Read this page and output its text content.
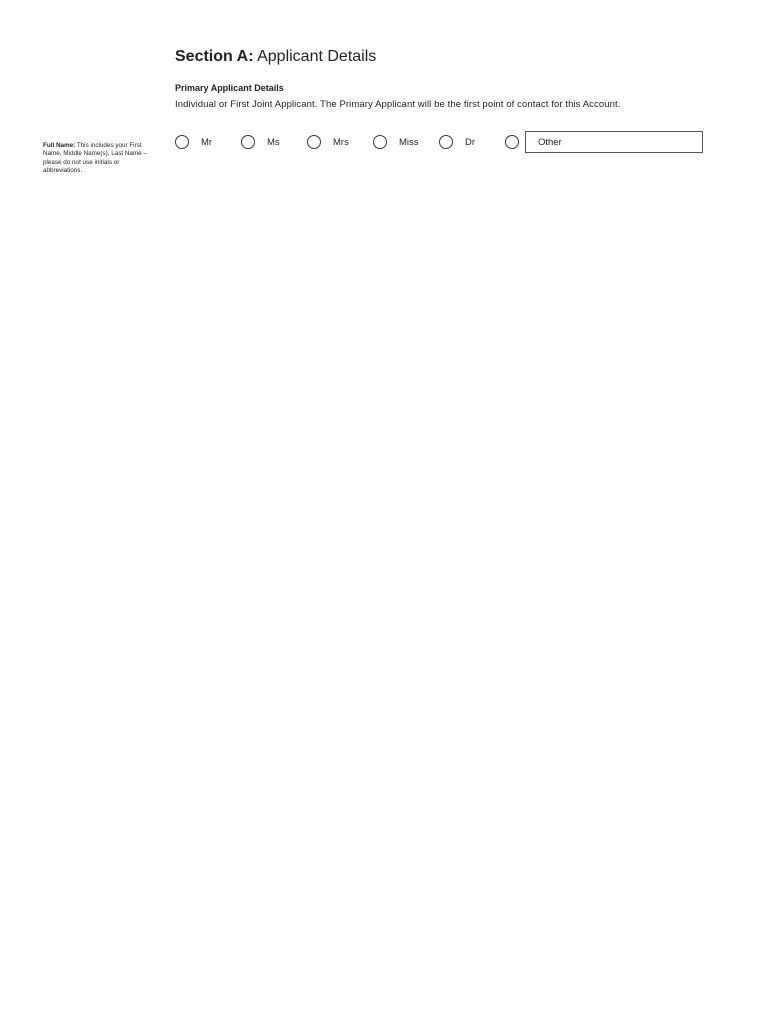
Section A: Applicant Details
Primary Applicant Details
Individual or First Joint Applicant. The Primary Applicant will be the first point of contact for this Account.
Full Name: This includes your First Name, Middle Name(s), Last Name – please do not use initials or abbreviations.
Mr	Ms	Mrs	Miss	Dr	Other
